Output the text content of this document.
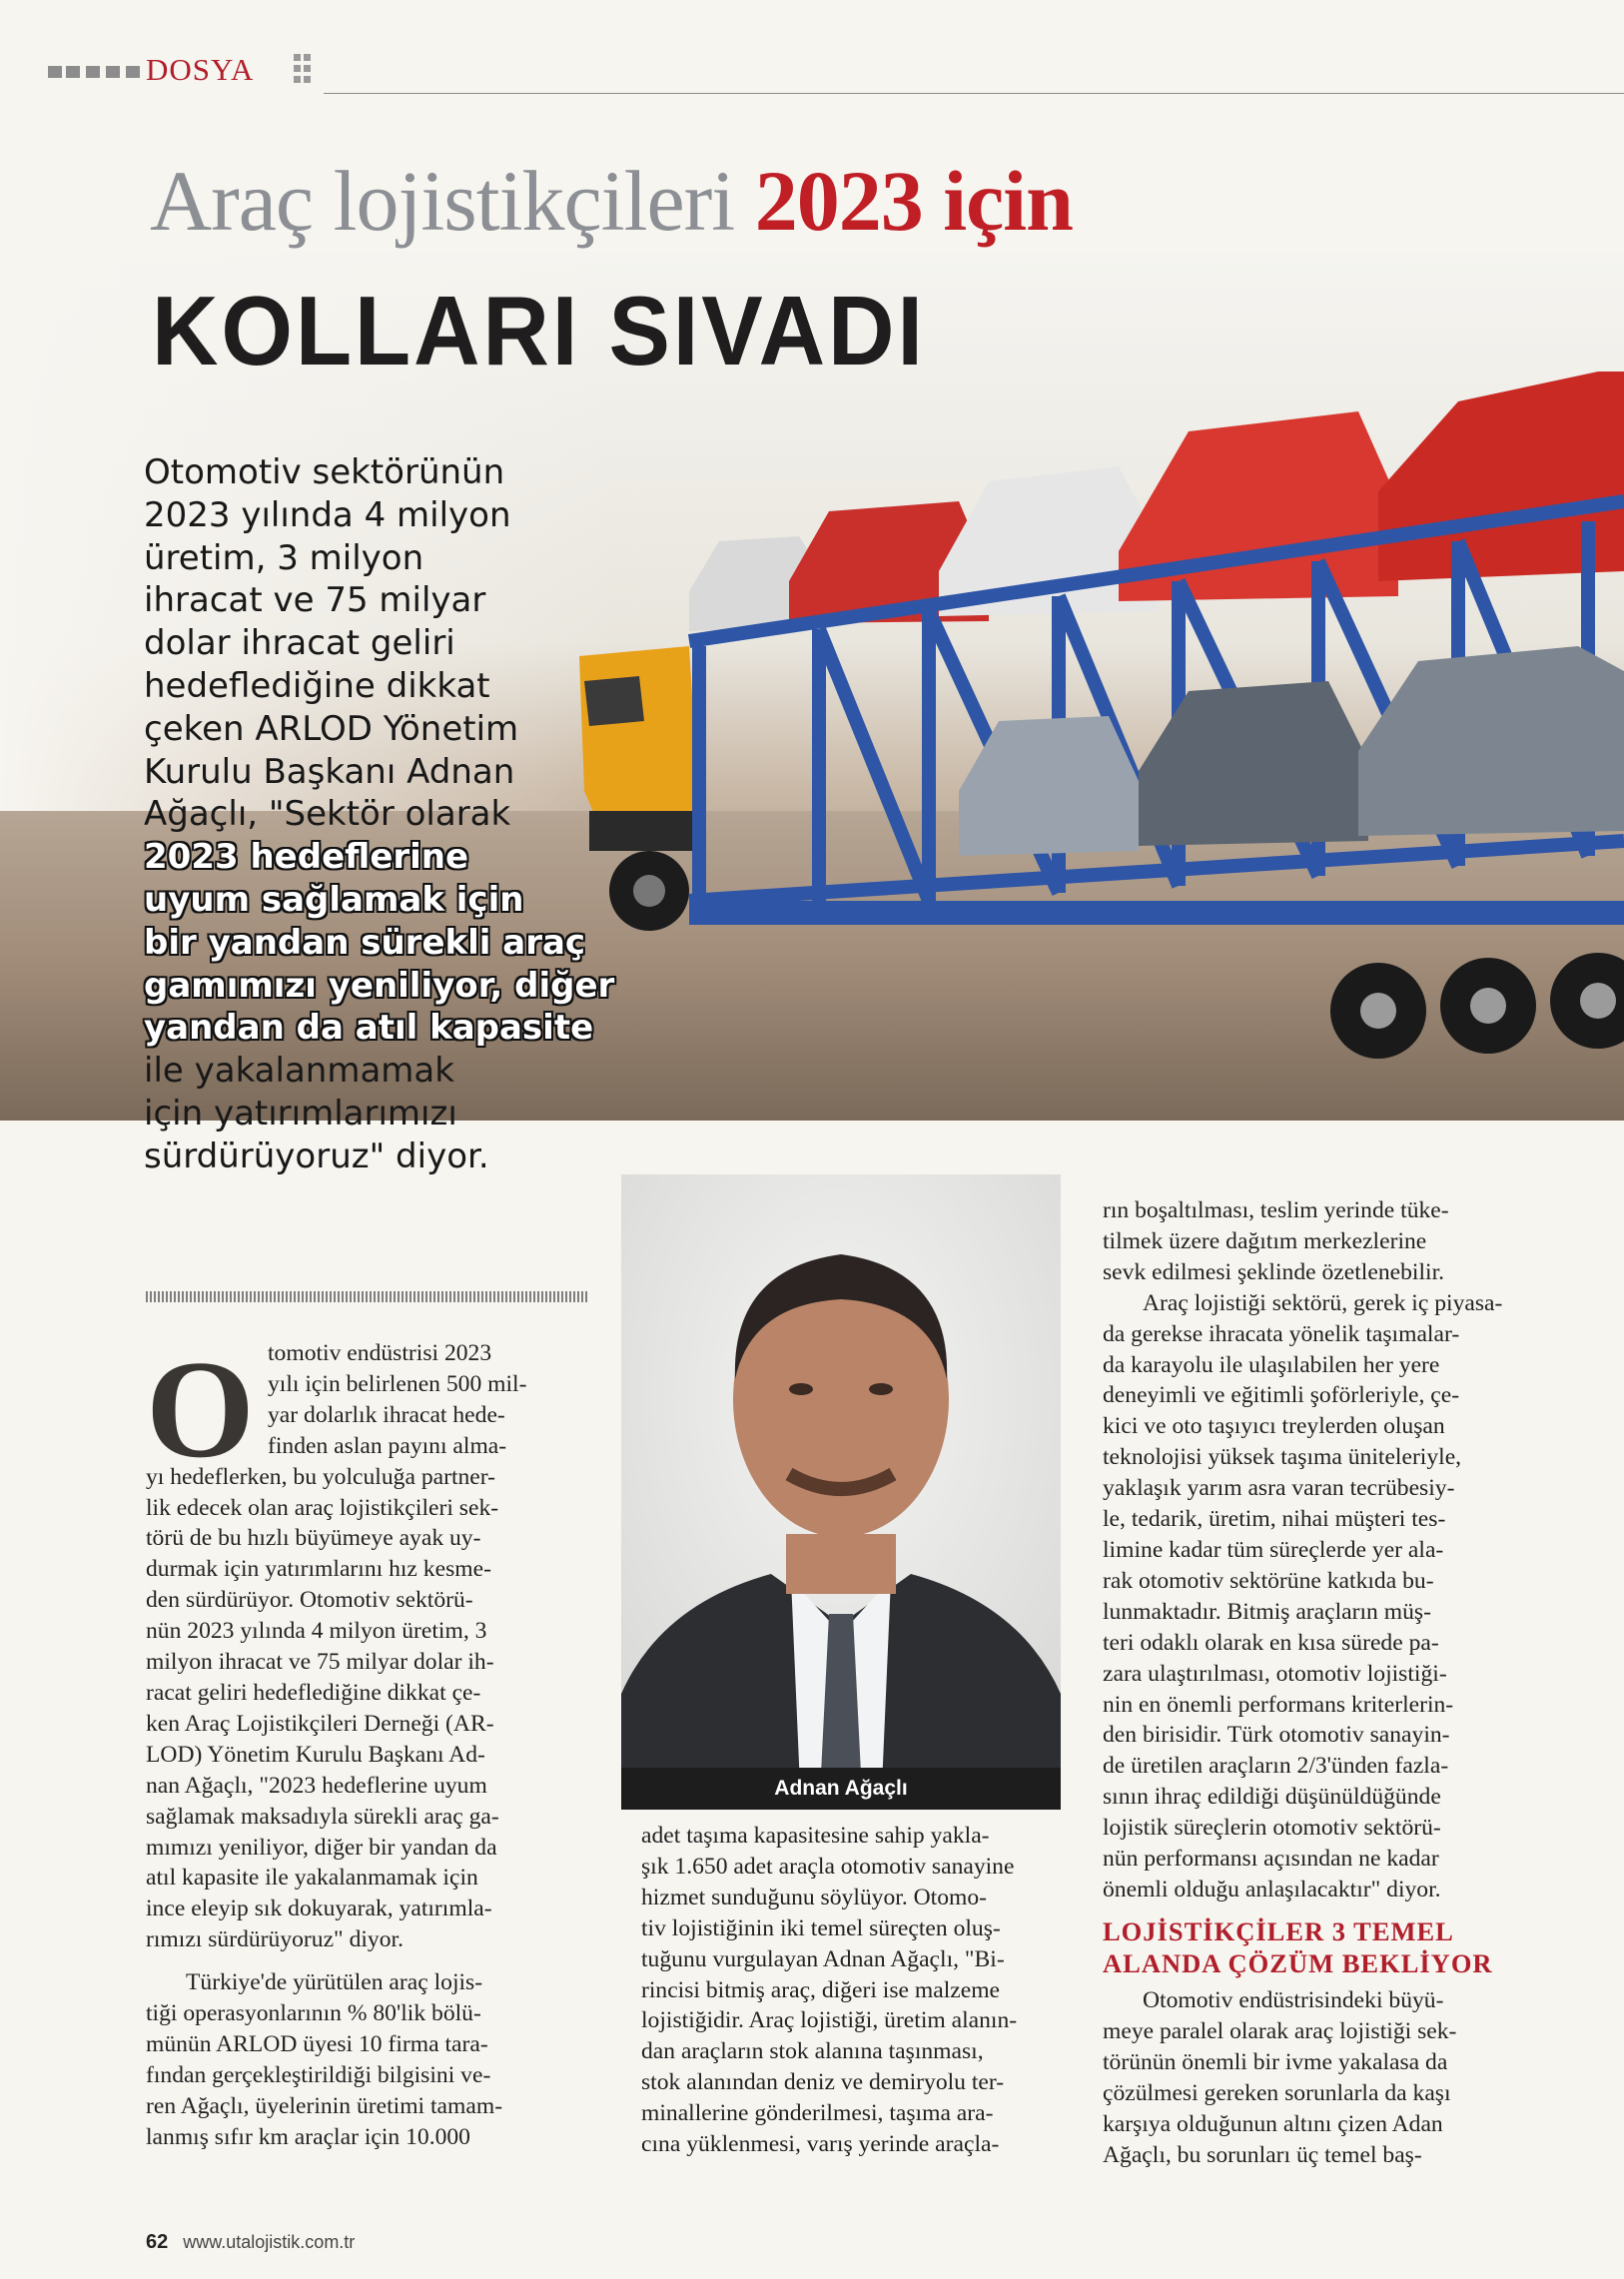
DOSYA
Araç lojistikçileri 2023 için
KOLLARI SIVADI
Otomotiv sektörünün
2023 yılında 4 milyon
üretim, 3 milyon
ihracat ve 75 milyar
dolar ihracat geliri
hedeflediğine dikkat
çeken ARLOD Yönetim
Kurulu Başkanı Adnan
Ağaçlı, "Sektör olarak
2023 hedeflerine
uyum sağlamak için
bir yandan sürekli araç
gamımızı yeniliyor, diğer
yandan da atıl kapasite
ile yakalanmamak
için yatırımlarımızı
sürdürüyoruz" diyor.
O tomotiv endüstrisi 2023
yılı için belirlenen 500 mil-
yar dolarlık ihracat hede-
finden aslan payını alma-
yı hedeflerken, bu yolculuğa partner-
lik edecek olan araç lojistikçileri sek-
törü de bu hızlı büyümeye ayak uy-
durmak için yatırımlarını hız kesme-
den sürdürüyor. Otomotiv sektörü-
nün 2023 yılında 4 milyon üretim, 3
milyon ihracat ve 75 milyar dolar ih-
racat geliri hedeflediğine dikkat çe-
ken Araç Lojistikçileri Derneği (AR-
LOD) Yönetim Kurulu Başkanı Ad-
nan Ağaçlı, "2023 hedeflerine uyum
sağlamak maksadıyla sürekli araç ga-
mımızı yeniliyor, diğer bir yandan da
atıl kapasite ile yakalanmamak için
ince eleyip sık dokuyarak, yatırımla-
rımızı sürdürüyoruz" diyor.
Türkiye'de yürütülen araç lojis-
tiği operasyonlarının % 80'lik bölü-
münün ARLOD üyesi 10 firma tara-
fından gerçekleştirildiği bilgisini ve-
ren Ağaçlı, üyelerinin üretimi tamam-
lanmış sıfır km araçlar için 10.000
Adnan Ağaçlı
adet taşıma kapasitesine sahip yakla-
şık 1.650 adet araçla otomotiv sanayine
hizmet sunduğunu söylüyor. Otomo-
tiv lojistiğinin iki temel süreçten oluş-
tuğunu vurgulayan Adnan Ağaçlı, "Bi-
rincisi bitmiş araç, diğeri ise malzeme
lojistiğidir. Araç lojistiği, üretim alanın-
dan araçların stok alanına taşınması,
stok alanından deniz ve demiryolu ter-
minallerine gönderilmesi, taşıma ara-
cına yüklenmesi, varış yerinde araçla-
rın boşaltılması, teslim yerinde tüke-
tilmek üzere dağıtım merkezlerine
sevk edilmesi şeklinde özetlenebilir.
Araç lojistiği sektörü, gerek iç piyasa-
da gerekse ihracata yönelik taşımalar-
da karayolu ile ulaşılabilen her yere
deneyimli ve eğitimli şoförleriyle, çe-
kici ve oto taşıyıcı treylerden oluşan
teknolojisi yüksek taşıma üniteleriyle,
yaklaşık yarım asra varan tecrübesiy-
le, tedarik, üretim, nihai müşteri tes-
limine kadar tüm süreçlerde yer ala-
rak otomotiv sektörüne katkıda bu-
lunmaktadır. Bitmiş araçların müş-
teri odaklı olarak en kısa sürede pa-
zara ulaştırılması, otomotiv lojistiği-
nin en önemli performans kriterlerin-
den birisidir. Türk otomotiv sanayin-
de üretilen araçların 2/3'ünden fazla-
sının ihraç edildiği düşünüldüğünde
lojistik süreçlerin otomotiv sektörü-
nün performansı açısından ne kadar
önemli olduğu anlaşılacaktır" diyor.
LOJİSTİKÇİLER 3 TEMEL
ALANDA ÇÖZÜM BEKLİYOR
Otomotiv endüstrisindeki büyü-
meye paralel olarak araç lojistiği sek-
törünün önemli bir ivme yakalasa da
çözülmesi gereken sorunlarla da kaşı
karşıya olduğunun altını çizen Adan
Ağaçlı, bu sorunları üç temel baş-
62 www.utalojistik.com.tr
